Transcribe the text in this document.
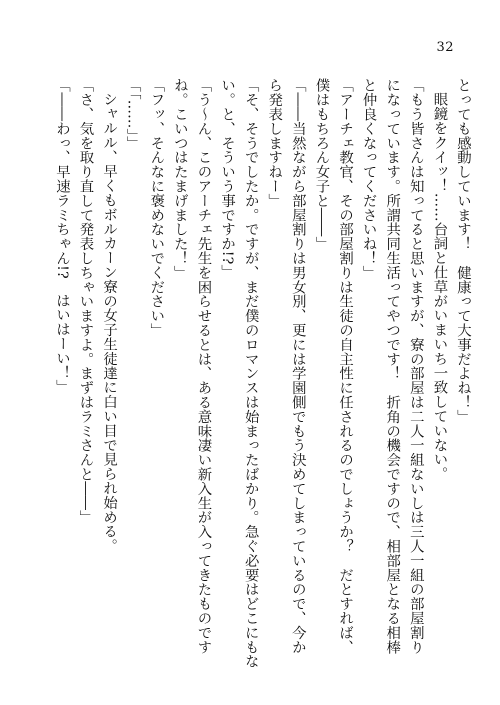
32

とっても感動しています！　健康って大事だよね！」

眼鏡をクイッ！……台詞と仕草がいまいち一致していない。

「もう皆さんは知ってると思いますが、寮の部屋は二人一組ないしは三人一組の部屋割り

になっています。所謂共同生活ってやつです！　折角の機会ですので、相部屋となる相棒

と仲良くなってくださいね！」

「アーチェ教官、その部屋割りは生徒の自主性に任されるのでしょうか？　だとすれば、

僕はもちろん女子と――」

「――当然ながら部屋割りは男女別、更には学園側でもう決めてしまっているので、今か

ら発表しますねー」

「そ、そうでしたか。ですが、まだ僕のロマンスは始まったばかり。急ぐ必要はどこにもな

い。と、そういう事ですか!?」

「う〜ん、このアーチェ先生を困らせるとは、ある意味凄い新入生が入ってきたものです

ね。こいつはたまげました！」

「フッ、そんなに褒めないでください」

「「……」」

シャルル、早くもボルカーン寮の女子生徒達に白い目で見られ始める。

「さ、気を取り直して発表しちゃいますよ。まずはラミさんと――」

「――わっ、早速ラミちゃん!?　はいはーい！」
